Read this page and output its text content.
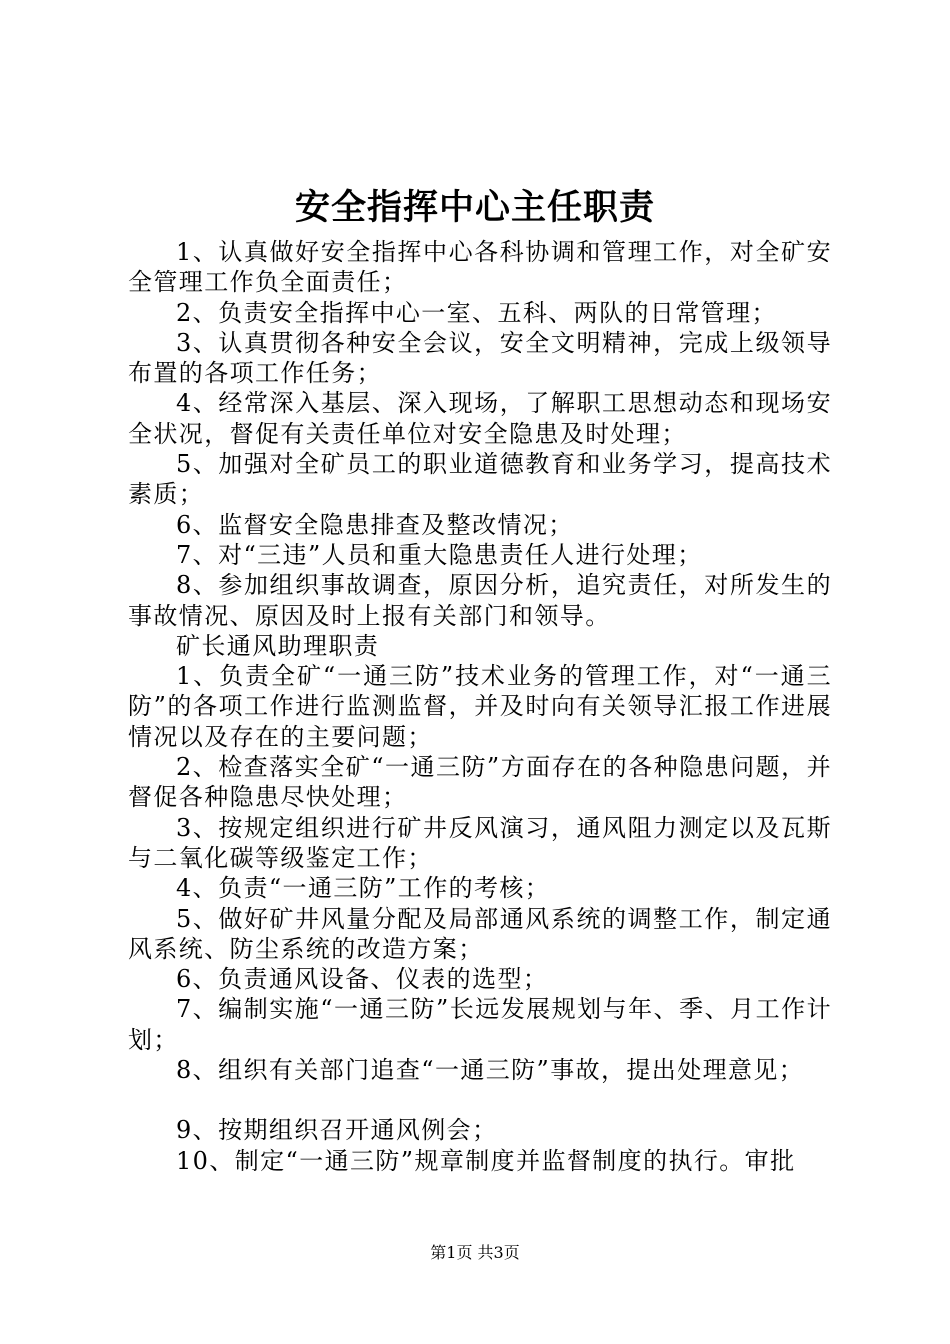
安全指挥中心主任职责

1、认真做好安全指挥中心各科协调和管理工作，对全矿安全管理工作负全面责任；

2、负责安全指挥中心一室、五科、两队的日常管理；

3、认真贯彻各种安全会议，安全文明精神，完成上级领导布置的各项工作任务；

4、经常深入基层、深入现场，了解职工思想动态和现场安全状况，督促有关责任单位对安全隐患及时处理；

5、加强对全矿员工的职业道德教育和业务学习，提高技术素质；

6、监督安全隐患排查及整改情况；

7、对“三违”人员和重大隐患责任人进行处理；

8、参加组织事故调查，原因分析，追究责任，对所发生的事故情况、原因及时上报有关部门和领导。

矿长通风助理职责

1、负责全矿“一通三防”技术业务的管理工作，对“一通三防”的各项工作进行监测监督，并及时向有关领导汇报工作进展情况以及存在的主要问题；

2、检查落实全矿“一通三防”方面存在的各种隐患问题，并督促各种隐患尽快处理；

3、按规定组织进行矿井反风演习，通风阻力测定以及瓦斯与二氧化碳等级鉴定工作；

4、负责“一通三防”工作的考核；

5、做好矿井风量分配及局部通风系统的调整工作，制定通风系统、防尘系统的改造方案；

6、负责通风设备、仪表的选型；

7、编制实施“一通三防”长远发展规划与年、季、月工作计划；

8、组织有关部门追查“一通三防”事故，提出处理意见；

9、按期组织召开通风例会；

10、制定“一通三防”规章制度并监督制度的执行。审批

第1页 共3页
